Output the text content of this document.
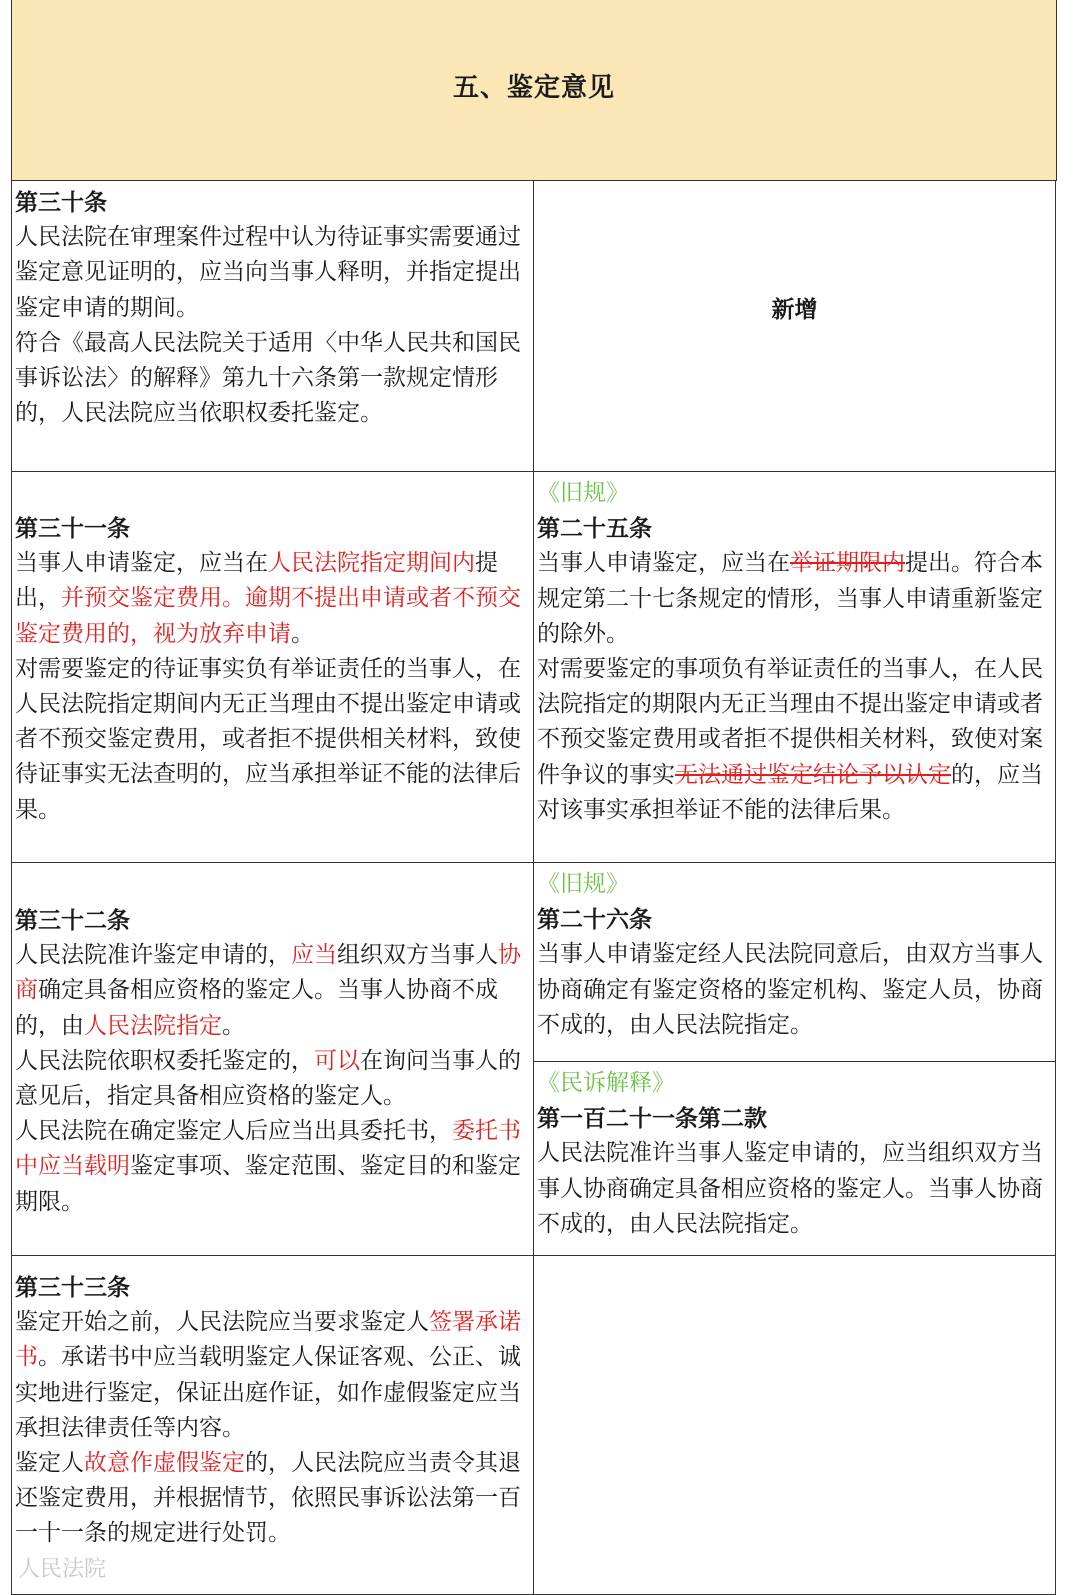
五、鉴定意见
第三十条

人民法院在审理案件过程中认为待证事实需要通过鉴定意见证明的，应当向当事人释明，并指定提出鉴定申请的期间。

符合《最高人民法院关于适用〈中华人民共和国民事诉讼法〉的解释》第九十六条第一款规定情形的，人民法院应当依职权委托鉴定。

新增
第三十一条

当事人申请鉴定，应当在人民法院指定期间内提出，并预交鉴定费用。逾期不提出申请或者不预交鉴定费用的，视为放弃申请。

对需要鉴定的待证事实负有举证责任的当事人，在人民法院指定期间内无正当理由不提出鉴定申请或者不预交鉴定费用，或者拒不提供相关材料，致使待证事实无法查明的，应当承担举证不能的法律后果。

《旧规》
第二十五条

当事人申请鉴定，应当在举证期限内提出。符合本规定第二十七条规定的情形，当事人申请重新鉴定的除外。

对需要鉴定的事项负有举证责任的当事人，在人民法院指定的期限内无正当理由不提出鉴定申请或者不预交鉴定费用或者拒不提供相关材料，致使对案件争议的事实无法通过鉴定结论予以认定的，应当对该事实承担举证不能的法律后果。

第三十二条

人民法院准许鉴定申请的，应当组织双方当事人协商确定具备相应资格的鉴定人。当事人协商不成的，由人民法院指定。

人民法院依职权委托鉴定的，可以在询问当事人的意见后，指定具备相应资格的鉴定人。

人民法院在确定鉴定人后应当出具委托书，委托书中应当载明鉴定事项、鉴定范围、鉴定目的和鉴定期限。

《旧规》
第二十六条

当事人申请鉴定经人民法院同意后，由双方当事人协商确定有鉴定资格的鉴定机构、鉴定人员，协商不成的，由人民法院指定。

《民诉解释》
第一百二十一条第二款

人民法院准许当事人鉴定申请的，应当组织双方当事人协商确定具备相应资格的鉴定人。当事人协商不成的，由人民法院指定。

第三十三条

鉴定开始之前，人民法院应当要求鉴定人签署承诺书。承诺书中应当载明鉴定人保证客观、公正、诚实地进行鉴定，保证出庭作证，如作虚假鉴定应当承担法律责任等内容。

鉴定人故意作虚假鉴定的，人民法院应当责令其退还鉴定费用，并根据情节，依照民事诉讼法第一百一十一条的规定进行处罚。

人民法院
